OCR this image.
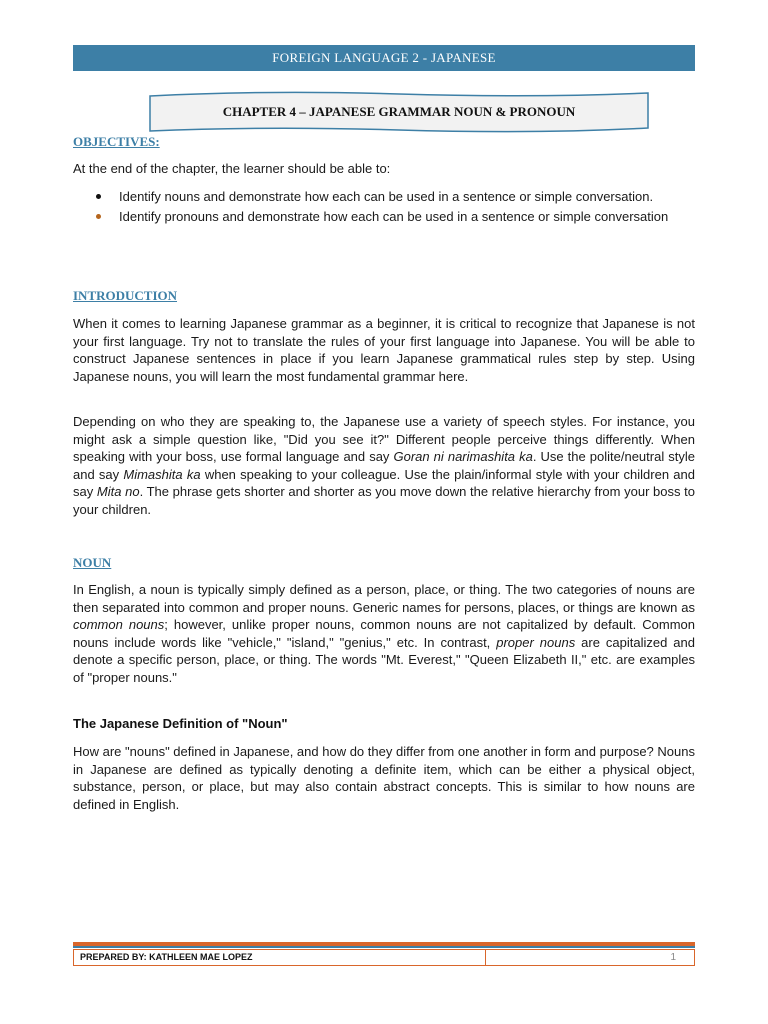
FOREIGN LANGUAGE 2 - JAPANESE
CHAPTER 4 – JAPANESE GRAMMAR NOUN & PRONOUN
OBJECTIVES:

At the end of the chapter, the learner should be able to:

Identify nouns and demonstrate how each can be used in a sentence or simple conversation.
Identify pronouns and demonstrate how each can be used in a sentence or simple conversation
INTRODUCTION

When it comes to learning Japanese grammar as a beginner, it is critical to recognize that Japanese is not your first language. Try not to translate the rules of your first language into Japanese. You will be able to construct Japanese sentences in place if you learn Japanese grammatical rules step by step. Using Japanese nouns, you will learn the most fundamental grammar here.

Depending on who they are speaking to, the Japanese use a variety of speech styles. For instance, you might ask a simple question like, "Did you see it?" Different people perceive things differently. When speaking with your boss, use formal language and say Goran ni narimashita ka. Use the polite/neutral style and say Mimashita ka when speaking to your colleague. Use the plain/informal style with your children and say Mita no. The phrase gets shorter and shorter as you move down the relative hierarchy from your boss to your children.

NOUN

In English, a noun is typically simply defined as a person, place, or thing. The two categories of nouns are then separated into common and proper nouns. Generic names for persons, places, or things are known as common nouns; however, unlike proper nouns, common nouns are not capitalized by default. Common nouns include words like "vehicle," "island," "genius," etc. In contrast, proper nouns are capitalized and denote a specific person, place, or thing. The words "Mt. Everest," "Queen Elizabeth II," etc. are examples of "proper nouns."

The Japanese Definition of "Noun"

How are "nouns" defined in Japanese, and how do they differ from one another in form and purpose? Nouns in Japanese are defined as typically denoting a definite item, which can be either a physical object, substance, person, or place, but may also contain abstract concepts. This is similar to how nouns are defined in English.

PREPARED BY: KATHLEEN MAE LOPEZ	1
